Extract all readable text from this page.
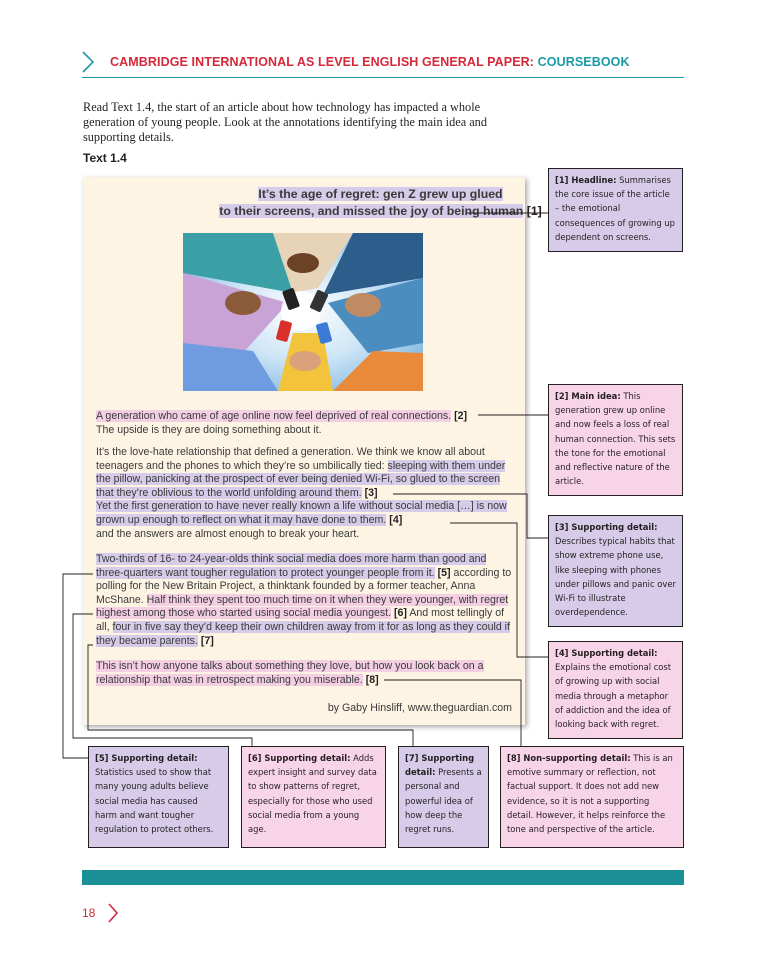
CAMBRIDGE INTERNATIONAL AS LEVEL ENGLISH GENERAL PAPER: COURSEBOOK
Read Text 1.4, the start of an article about how technology has impacted a whole generation of young people. Look at the annotations identifying the main idea and supporting details.
Text 1.4
It’s the age of regret: gen Z grew up glued
to their screens, and missed the joy of being human [1]
A generation who came of age online now feel deprived of real connections. [2]
The upside is they are doing something about it.
It’s the love-hate relationship that defined a generation. We think we know all about teenagers and the phones to which they’re so umbilically tied: sleeping with them under the pillow, panicking at the prospect of ever being denied Wi-Fi, so glued to the screen that they’re oblivious to the world unfolding around them. [3]
Yet the first generation to have never really known a life without social media […] is now grown up enough to reflect on what it may have done to them. [4]
and the answers are almost enough to break your heart.
Two-thirds of 16- to 24-year-olds think social media does more harm than good and three-quarters want tougher regulation to protect younger people from it. [5] according to polling for the New Britain Project, a thinktank founded by a former teacher, Anna McShane. Half think they spent too much time on it when they were younger, with regret highest among those who started using social media youngest. [6] And most tellingly of all, four in five say they’d keep their own children away from it for as long as they could if they became parents. [7]
This isn’t how anyone talks about something they love, but how you look back on a relationship that was in retrospect making you miserable. [8]
by Gaby Hinsliff, www.theguardian.com
[1] Headline: Summarises the core issue of the article – the emotional consequences of growing up dependent on screens.
[2] Main idea: This generation grew up online and now feels a loss of real human connection. This sets the tone for the emotional and reflective nature of the article.
[3] Supporting detail: Describes typical habits that show extreme phone use, like sleeping with phones under pillows and panic over Wi-Fi to illustrate overdependence.
[4] Supporting detail: Explains the emotional cost of growing up with social media through a metaphor of addiction and the idea of looking back with regret.
[5] Supporting detail: Statistics used to show that many young adults believe social media has caused harm and want tougher regulation to protect others.
[6] Supporting detail: Adds expert insight and survey data to show patterns of regret, especially for those who used social media from a young age.
[7] Supporting detail: Presents a personal and powerful idea of how deep the regret runs.
[8] Non-supporting detail: This is an emotive summary or reflection, not factual support. It does not add new evidence, so it is not a supporting detail. However, it helps reinforce the tone and perspective of the article.
18
